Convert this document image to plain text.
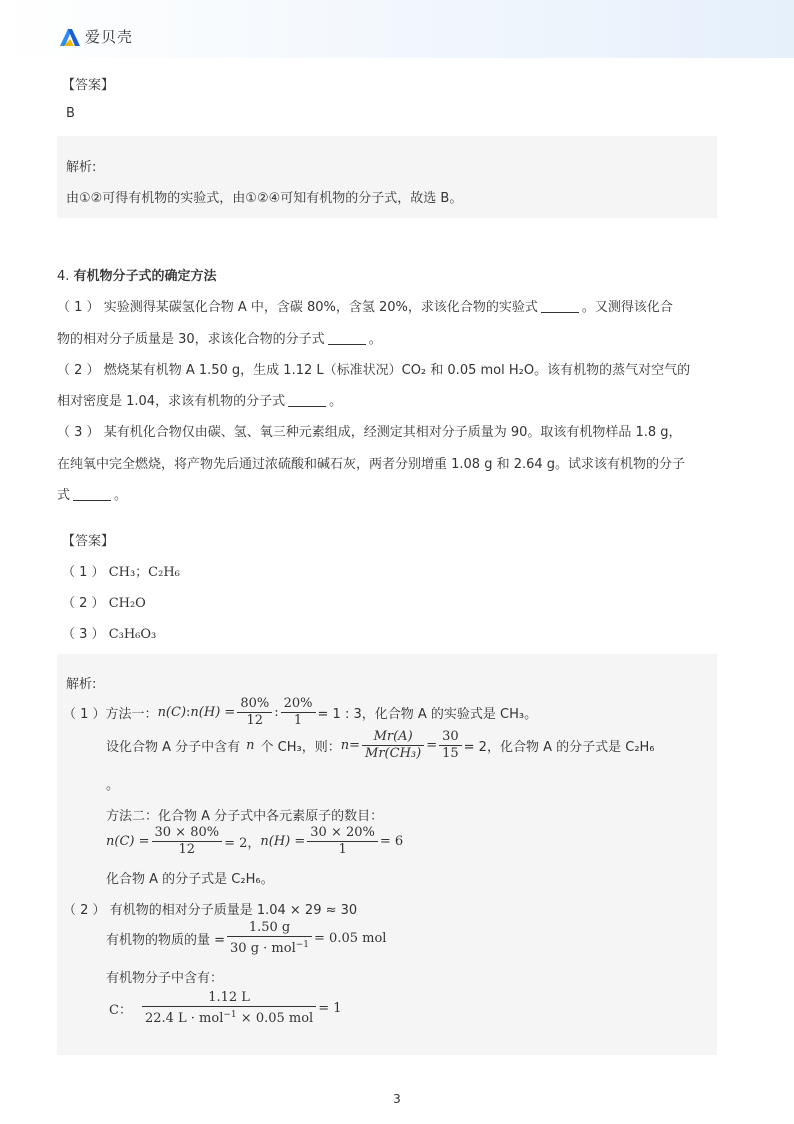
爱贝壳
【答案】
B
解析:
由①②可得有机物的实验式，由①②④可知有机物的分子式，故选 B。
4. 有机物分子式的确定方法
（ 1 ） 实验测得某碳氢化合物 A 中，含碳 80%，含氢 20%，求该化合物的实验式	。又测得该化合
物的相对分子质量是 30，求该化合物的分子式	。
（ 2 ） 燃烧某有机物 A 1.50 g，生成 1.12 L（标准状况）CO₂ 和 0.05 mol H₂O。该有机物的蒸气对空气的
相对密度是 1.04，求该有机物的分子式	。
（ 3 ） 某有机化合物仅由碳、氢、氧三种元素组成，经测定其相对分子质量为 90。取该有机物样品 1.8 g，
在纯氧中完全燃烧，将产物先后通过浓硫酸和碱石灰，两者分别增重 1.08 g 和 2.64 g。试求该有机物的分子
式	。
【答案】
（ 1 ） CH₃；C₂H₆
（ 2 ） CH₂O
（ 3 ） C₃H₆O₃
解析:
（ 1 ） 方法一： n(C) : $n(H) = \frac{80\%}{12}$ : $\frac{20\%}{1} = 1$ : 3，化合物 A 的实验式是 CH₃。
设化合物 A 分子中含有 n 个 CH₃，则： $n = \frac{Mr(A)}{\text{Mr(CH₃)}} = \frac{30}{15} = 2$，化合物 A 的分子式是 C₂H₆
。
方法二：化合物 A 分子式中各元素原子的数目：
$n(C) = \frac{30 \times 80\%}{12} = 2$， $n(H) = \frac{30 \times 20\%}{1} = 6$
化合物 A 的分子式是 C₂H₆。
（ 2 ） 有机物的相对分子质量是 1.04 × 29 ≈ 30
有机物的物质的量 = $\frac{1.50 g}{30 g \cdot mol^{-1}} = 0.05$ mol
有机物分子中含有：
C： $\frac{1.12 L}{22.4 L \cdot mol^{-1} \times 0.05 mol} = 1$
3
